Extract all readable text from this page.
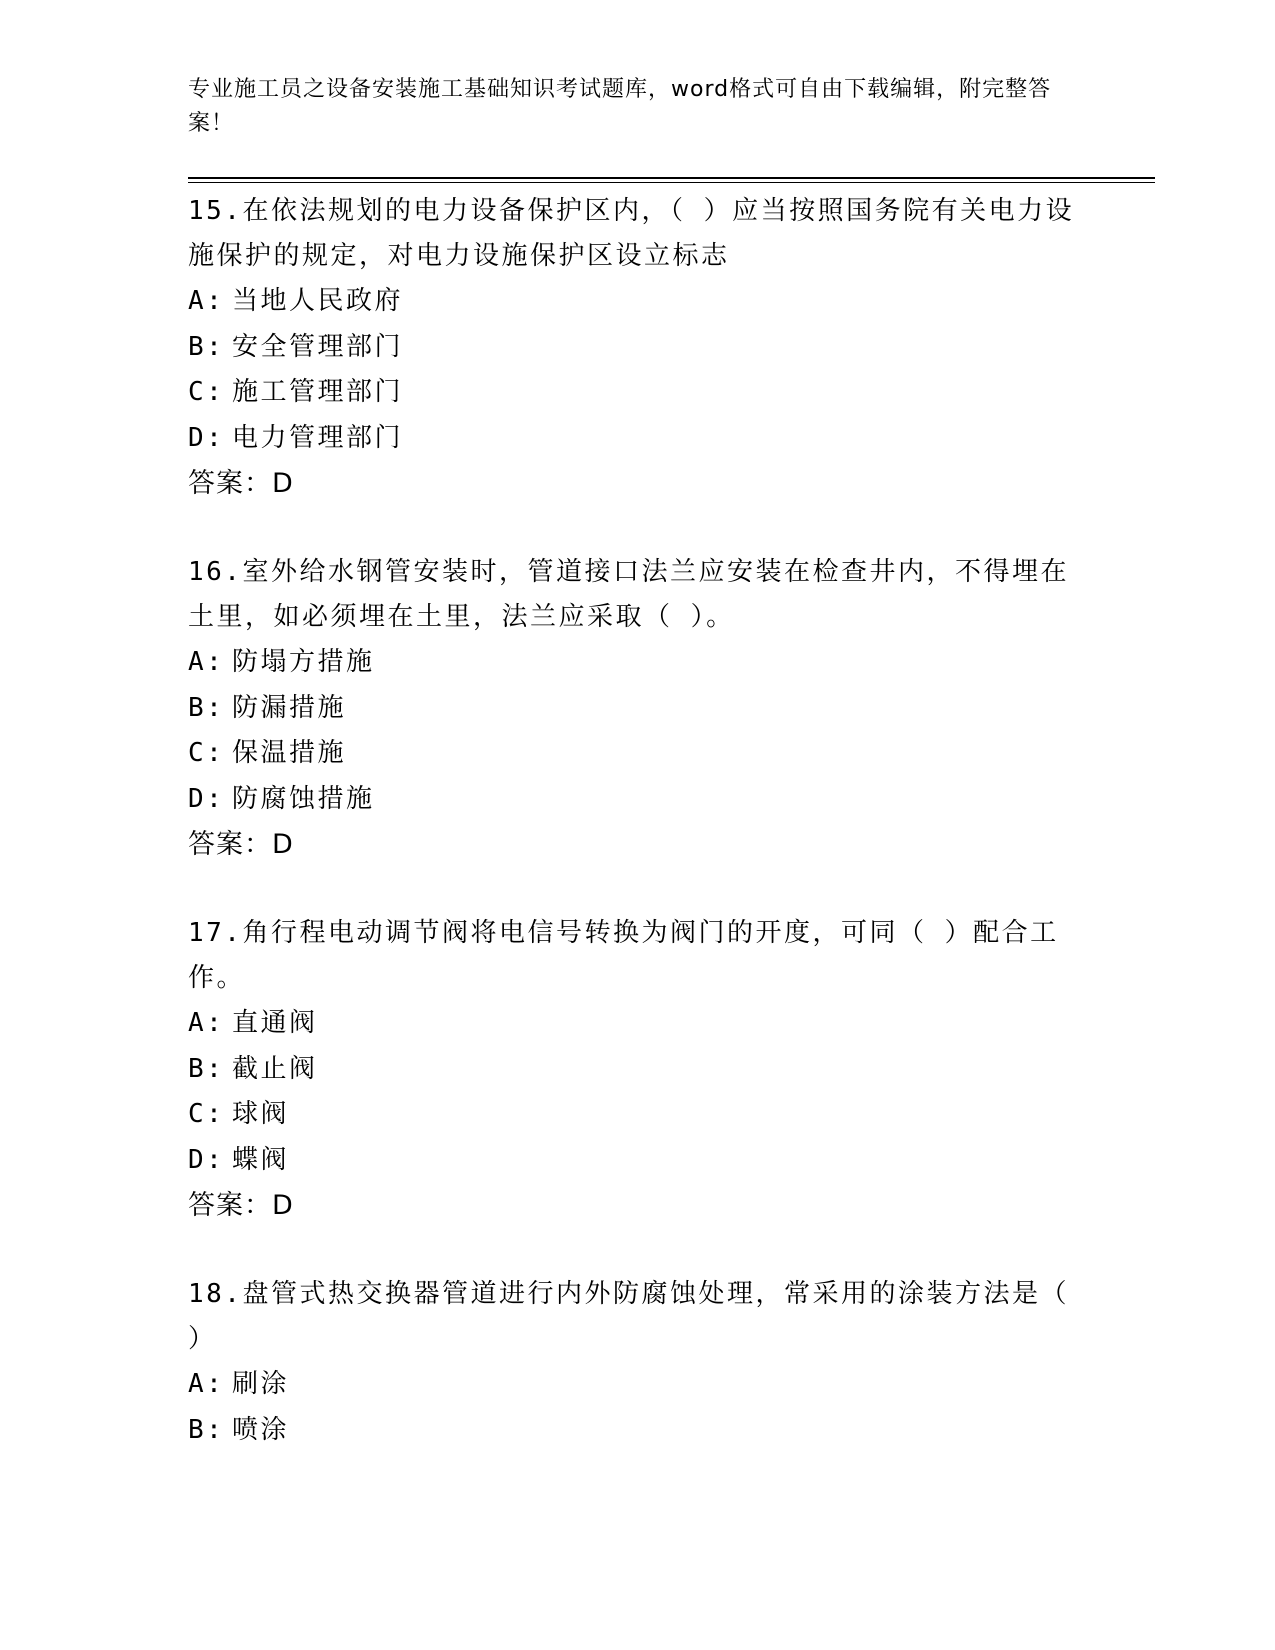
专业施工员之设备安装施工基础知识考试题库，word格式可自由下载编辑，附完整答案！

15.在依法规划的电力设备保护区内，（ ）应当按照国务院有关电力设施保护的规定，对电力设施保护区设立标志

A: 当地人民政府

B: 安全管理部门

C: 施工管理部门

D: 电力管理部门

答案：D

16.室外给水钢管安装时，管道接口法兰应安装在检查井内，不得埋在土里，如必须埋在土里，法兰应采取（ ）。

A: 防塌方措施

B: 防漏措施

C: 保温措施

D: 防腐蚀措施

答案：D

17.角行程电动调节阀将电信号转换为阀门的开度，可同（ ）配合工作。

A: 直通阀

B: 截止阀

C: 球阀

D: 蝶阀

答案：D

18.盘管式热交换器管道进行内外防腐蚀处理，常采用的涂装方法是（ ）

A: 刷涂

B: 喷涂
